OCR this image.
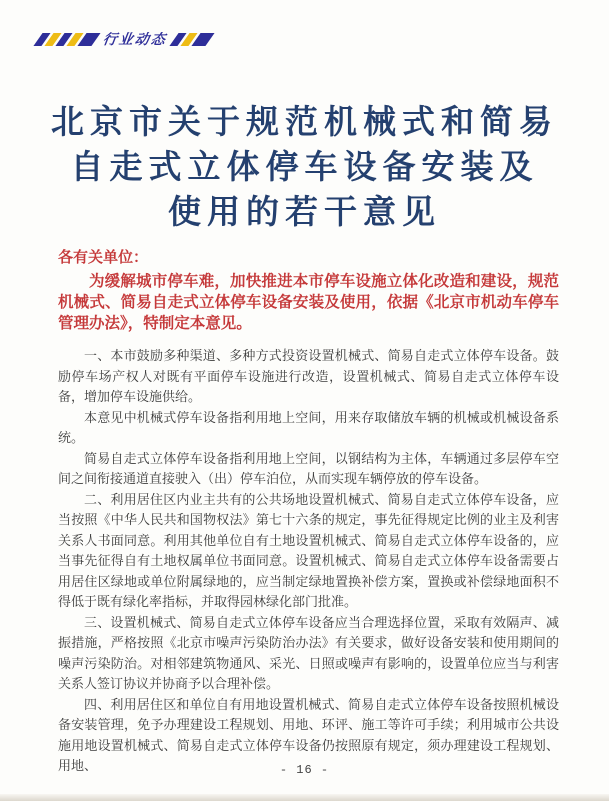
行业动态
北京市关于规范机械式和简易
自走式立体停车设备安装及
使用的若干意见
各有关单位：
为缓解城市停车难，加快推进本市停车设施立体化改造和建设，规范机械式、简易自走式立体停车设备安装及使用，依据《北京市机动车停车管理办法》，特制定本意见。

一、本市鼓励多种渠道、多种方式投资设置机械式、简易自走式立体停车设备。鼓励停车场产权人对既有平面停车设施进行改造，设置机械式、简易自走式立体停车设备，增加停车设施供给。

本意见中机械式停车设备指利用地上空间，用来存取储放车辆的机械或机械设备系统。

简易自走式立体停车设备指利用地上空间，以钢结构为主体，车辆通过多层停车空间之间衔接通道直接驶入（出）停车泊位，从而实现车辆停放的停车设备。

二、利用居住区内业主共有的公共场地设置机械式、简易自走式立体停车设备，应当按照《中华人民共和国物权法》第七十六条的规定，事先征得规定比例的业主及利害关系人书面同意。利用其他单位自有土地设置机械式、简易自走式立体停车设备的，应当事先征得自有土地权属单位书面同意。设置机械式、简易自走式立体停车设备需要占用居住区绿地或单位附属绿地的，应当制定绿地置换补偿方案，置换或补偿绿地面积不得低于既有绿化率指标，并取得园林绿化部门批准。

三、设置机械式、简易自走式立体停车设备应当合理选择位置，采取有效隔声、减振措施，严格按照《北京市噪声污染防治办法》有关要求，做好设备安装和使用期间的噪声污染防治。对相邻建筑物通风、采光、日照或噪声有影响的，设置单位应当与利害关系人签订协议并协商予以合理补偿。

四、利用居住区和单位自有用地设置机械式、简易自走式立体停车设备按照机械设备安装管理，免予办理建设工程规划、用地、环评、施工等许可手续；利用城市公共设施用地设置机械式、简易自走式立体停车设备仍按照原有规定，须办理建设工程规划、用地、	- 16 -
